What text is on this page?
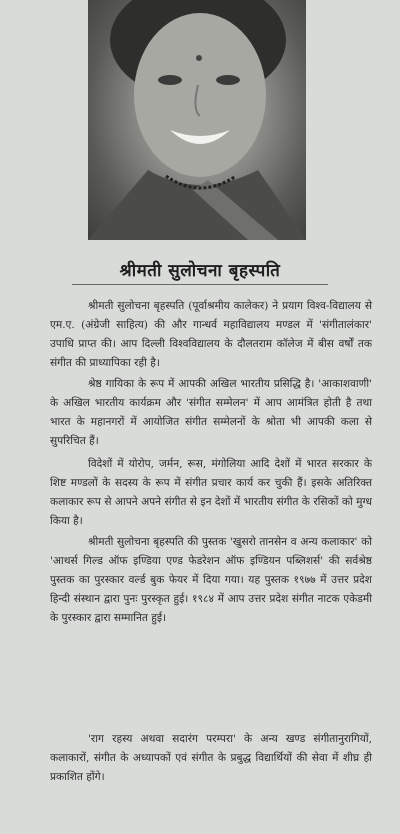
श्रीमती सुलोचना बृहस्पति

श्रीमती सुलोचना बृहस्पति (पूर्वाश्रमीय कालेकर) ने प्रयाग विश्व-विद्यालय से एम.ए. (अंग्रेजी साहित्य) की और गान्धर्व महाविद्यालय मण्डल में 'संगीतालंकार' उपाधि प्राप्त की। आप दिल्ली विश्वविद्यालय के दौलतराम कॉलेज में बीस वर्षों तक संगीत की प्राध्यापिका रही है।

श्रेष्ठ गायिका के रूप में आपकी अखिल भारतीय प्रसिद्धि है। 'आकाशवाणी' के अखिल भारतीय कार्यक्रम और 'संगीत सम्मेलन' में आप आमंत्रित होती है तथा भारत के महानगरों में आयोजित संगीत सम्मेलनों के श्रोता भी आपकी कला से सुपरिचित हैं।

विदेशों में योरोप, जर्मन, रूस, मंगोलिया आदि देशों में भारत सरकार के शिष्ट मण्डलों के सदस्य के रूप में संगीत प्रचार कार्य कर चुकी हैं। इसके अतिरिक्त कलाकार रूप से आपने अपने संगीत से इन देशों में भारतीय संगीत के रसिकों को मुग्ध किया है।

श्रीमती सुलोचना बृहस्पति की पुस्तक 'खुसरो तानसेन व अन्य कलाकार' को 'आथर्स गिल्ड ऑफ इण्डिया एण्ड फेडरेशन ऑफ इण्डियन पब्लिशर्स' की सर्वश्रेष्ठ पुस्तक का पुरस्कार वर्ल्ड बुक फेयर में दिया गया। यह पुस्तक १९७७ में उत्तर प्रदेश हिन्दी संस्थान द्वारा पुनः पुरस्कृत हुई। १९८४ में आप उत्तर प्रदेश संगीत नाटक एकेडमी के पुरस्कार द्वारा सम्मानित हुई।

'राग रहस्य अथवा सदारंग परम्परा' के अन्य खण्ड संगीतानुरागियों, कलाकारों, संगीत के अध्यापकों एवं संगीत के प्रबुद्ध विद्यार्थियों की सेवा में शीघ्र ही प्रकाशित होंगे।
